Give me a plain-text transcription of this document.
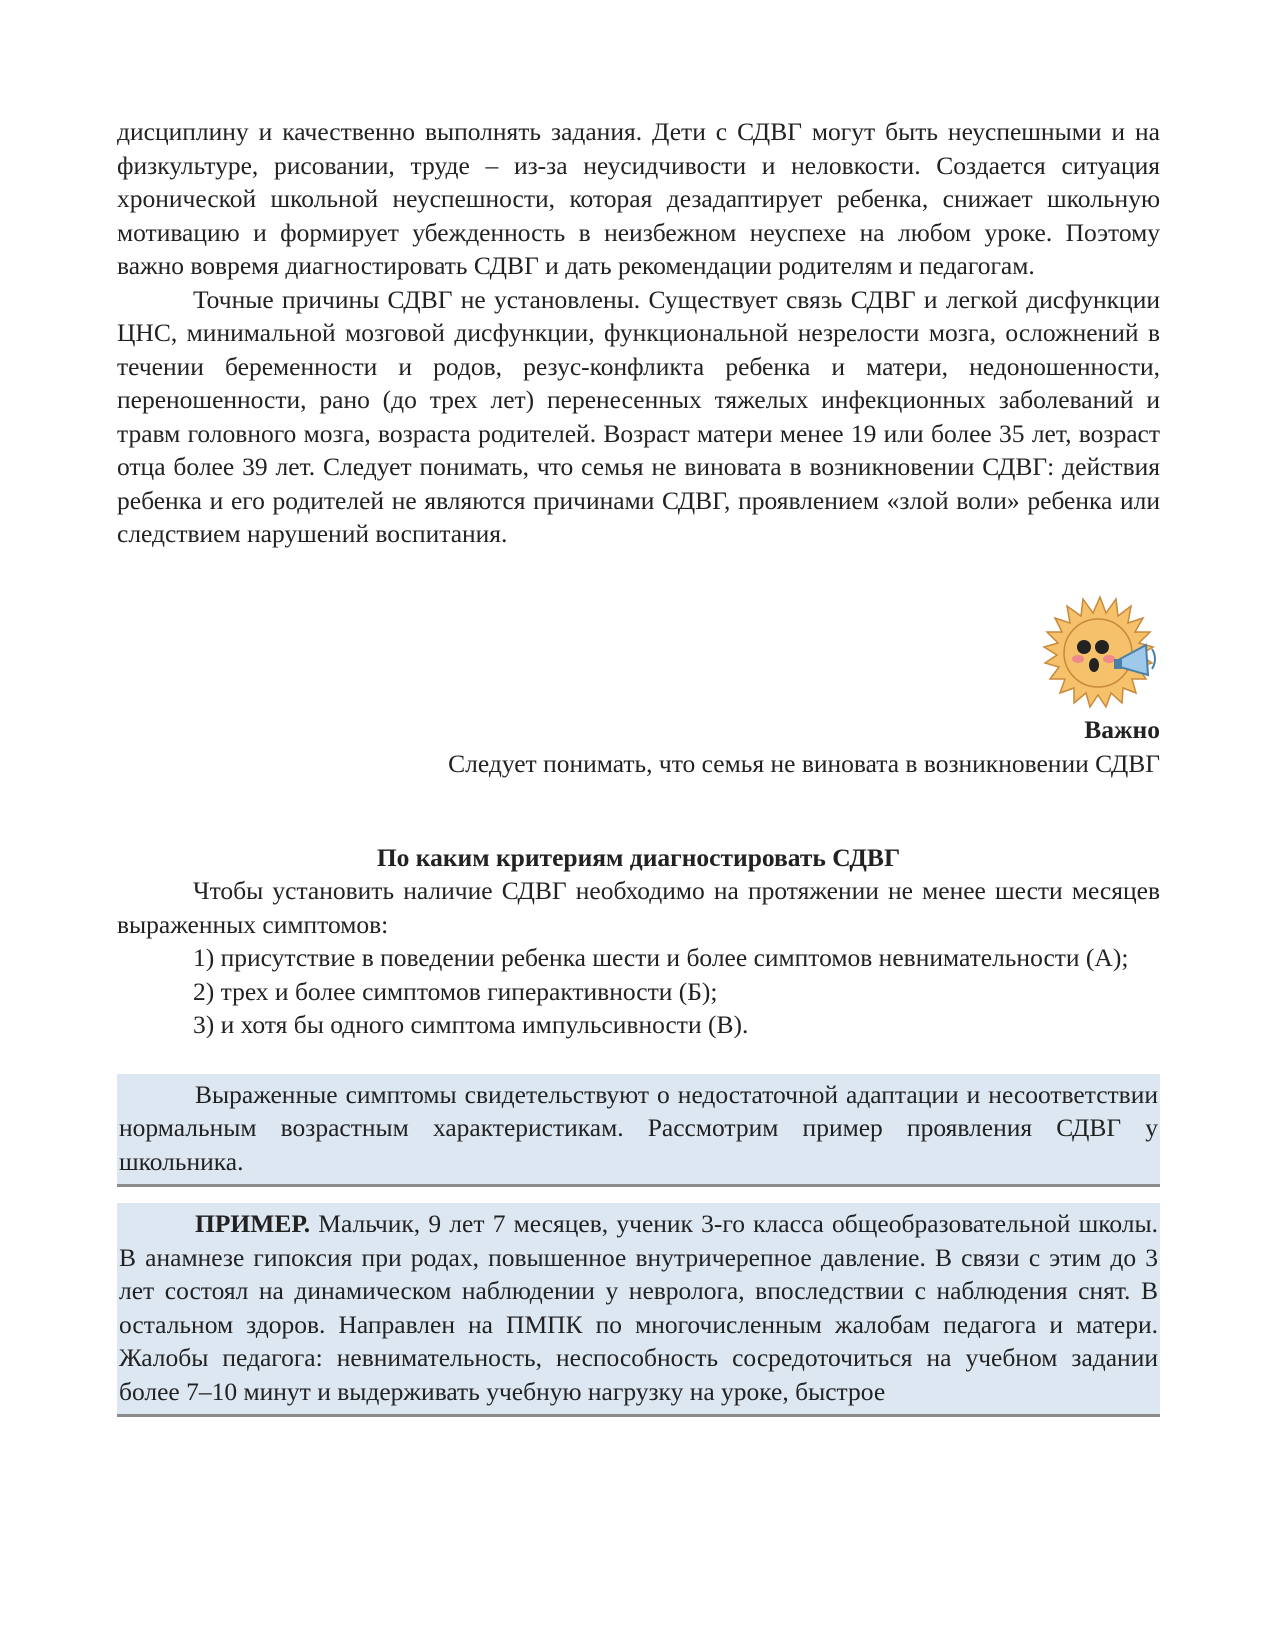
дисциплину и качественно выполнять задания. Дети с СДВГ могут быть неуспешными и на физкультуре, рисовании, труде – из-за неусидчивости и неловкости. Создается ситуация хронической школьной неуспешности, которая дезадаптирует ребенка, снижает школьную мотивацию и формирует убежденность в неизбежном неуспехе на любом уроке. Поэтому важно вовремя диагностировать СДВГ и дать рекомендации родителям и педагогам.

Точные причины СДВГ не установлены. Существует связь СДВГ и легкой дисфункции ЦНС, минимальной мозговой дисфункции, функциональной незрелости мозга, осложнений в течении беременности и родов, резус-конфликта ребенка и матери, недоношенности, переношенности, рано (до трех лет) перенесенных тяжелых инфекционных заболеваний и травм головного мозга, возраста родителей. Возраст матери менее 19 или более 35 лет, возраст отца более 39 лет. Следует понимать, что семья не виновата в возникновении СДВГ: действия ребенка и его родителей не являются причинами СДВГ, проявлением «злой воли» ребенка или следствием нарушений воспитания.

Важно
Следует понимать, что семья не виновата в возникновении СДВГ
По каким критериям диагностировать СДВГ

Чтобы установить наличие СДВГ необходимо на протяжении не менее шести месяцев выраженных симптомов:

1) присутствие в поведении ребенка шести и более симптомов невнимательности (А);

2) трех и более симптомов гиперактивности (Б);

3) и хотя бы одного симптома импульсивности (В).

Выраженные симптомы свидетельствуют о недостаточной адаптации и несоответствии нормальным возрастным характеристикам. Рассмотрим пример проявления СДВГ у школьника.

ПРИМЕР. Мальчик, 9 лет 7 месяцев, ученик 3-го класса общеобразовательной школы. В анамнезе гипоксия при родах, повышенное внутричерепное давление. В связи с этим до 3 лет состоял на динамическом наблюдении у невролога, впоследствии с наблюдения снят. В остальном здоров. Направлен на ПМПК по многочисленным жалобам педагога и матери. Жалобы педагога: невнимательность, неспособность сосредоточиться на учебном задании более 7–10 минут и выдерживать учебную нагрузку на уроке, быстрое
